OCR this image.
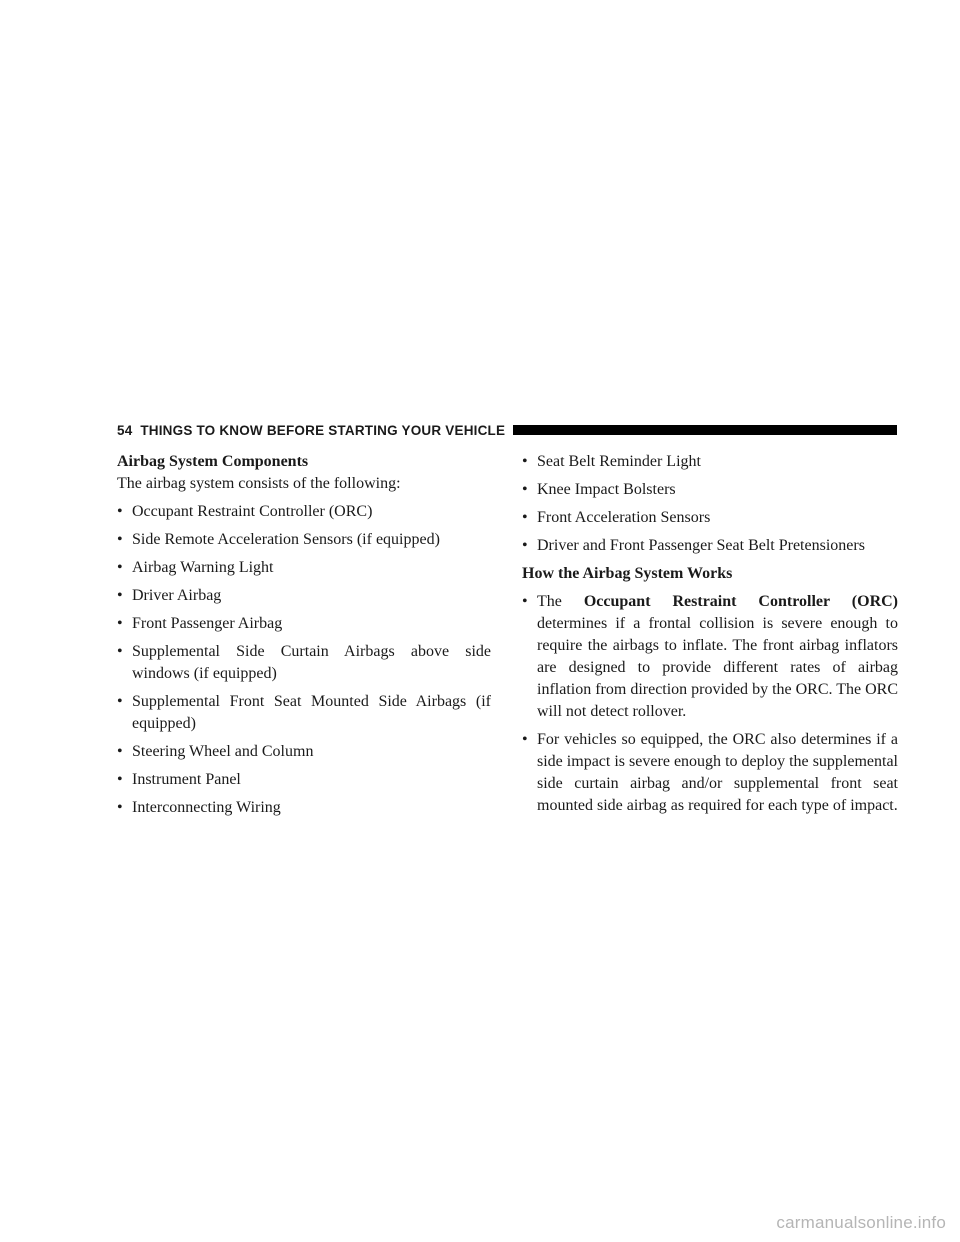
54 THINGS TO KNOW BEFORE STARTING YOUR VEHICLE

Airbag System Components

The airbag system consists of the following:

• Occupant Restraint Controller (ORC)
• Side Remote Acceleration Sensors (if equipped)
• Airbag Warning Light
• Driver Airbag
• Front Passenger Airbag
• Supplemental Side Curtain Airbags above side windows (if equipped)
• Supplemental Front Seat Mounted Side Airbags (if equipped)
• Steering Wheel and Column
• Instrument Panel
• Interconnecting Wiring
• Seat Belt Reminder Light
• Knee Impact Bolsters
• Front Acceleration Sensors
• Driver and Front Passenger Seat Belt Pretensioners

How the Airbag System Works

• The Occupant Restraint Controller (ORC) determines if a frontal collision is severe enough to require the airbags to inflate. The front airbag inflators are designed to provide different rates of airbag inflation from direction provided by the ORC. The ORC will not detect rollover.
• For vehicles so equipped, the ORC also determines if a side impact is severe enough to deploy the supplemental side curtain airbag and/or supplemental front seat mounted side airbag as required for each type of impact.
carmanualsonline.info
